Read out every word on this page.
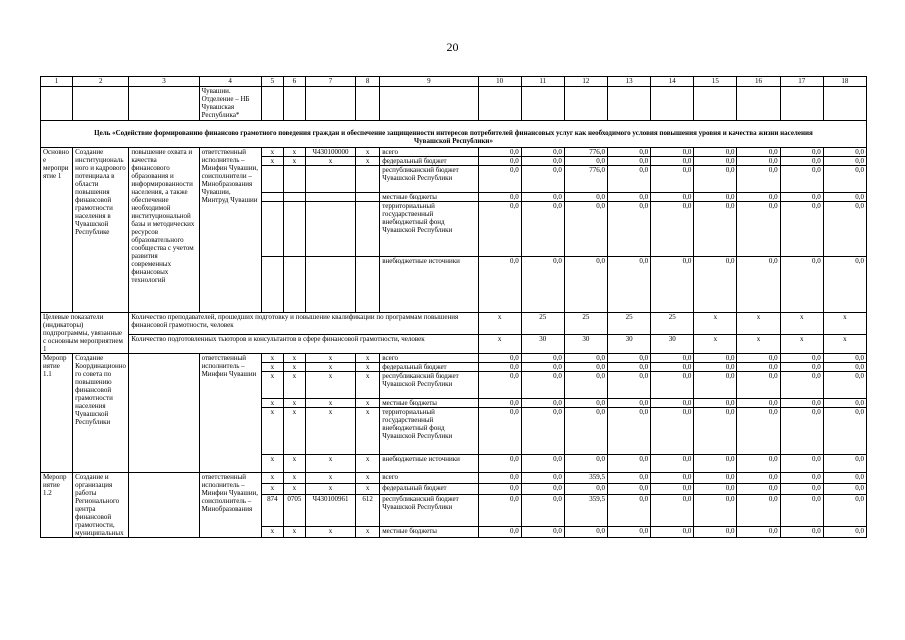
20
1	2	3	4	5	6	7	8	9	10	11	12	13	14	15	16	17	18
			Чувашии. Отделение – НБ Чувашская Республика*														
Цель «Содействие формированию финансово грамотного поведения граждан и обеспечение защищенности интересов потребителей финансовых услуг как необходимого условия повышения уровня и качества жизни населения Чувашской Республики»																	
Основное мероприятие 1	Создание институционального и кадрового потенциала в области повышения финансовой грамотности населения в Чувашской Республике	повышение охвата и качества финансового образования и информированности населения, а также обеспечение необходимой институциональной базы и методических ресурсов образовательного сообщества с учетом развития современных финансовых технологий	ответственный исполнитель – Минфин Чувашии, соисполнители – Минобразования Чувашии, Минтруд Чувашии	х	х	Ч430100000	х	всего	0,0	0,0	776,0	0,0	0,0	0,0	0,0	0,0	0,0
				х	х	х	х	федеральный бюджет	0,0	0,0	0,0	0,0	0,0	0,0	0,0	0,0	0,0
								республиканский бюджет Чувашской Республики	0,0	0,0	776,0	0,0	0,0	0,0	0,0	0,0	0,0
								местные бюджеты	0,0	0,0	0,0	0,0	0,0	0,0	0,0	0,0	0,0
								территориальный государственный внебюджетный фонд Чувашской Республики	0,0	0,0	0,0	0,0	0,0	0,0	0,0	0,0	0,0
								внебюджетные источники	0,0	0,0	0,0	0,0	0,0	0,0	0,0	0,0	0,0
Целевые показатели (индикаторы) подпрограммы, увязанные с основным мероприятием 1		Количество преподавателей, прошедших подготовку и повышение квалификации по программам повышения финансовой грамотности, человек							х	25	25	25	25	х	х	х	х
		Количество подготовленных тьюторов и консультантов в сфере финансовой грамотности, человек							х	30	30	30	30	х	х	х	х
Мероприятие 1.1	Создание Координационного совета по повышению финансовой грамотности населения Чувашской Республики		ответственный исполнитель – Минфин Чувашии	х	х	х	х	всего	0,0	0,0	0,0	0,0	0,0	0,0	0,0	0,0	0,0
				х	х	х	х	федеральный бюджет	0,0	0,0	0,0	0,0	0,0	0,0	0,0	0,0	0,0
				х	х	х	х	республиканский бюджет Чувашской Республики	0,0	0,0	0,0	0,0	0,0	0,0	0,0	0,0	0,0
				х	х	х	х	местные бюджеты	0,0	0,0	0,0	0,0	0,0	0,0	0,0	0,0	0,0
				х	х	х	х	территориальный государственный внебюджетный фонд Чувашской Республики	0,0	0,0	0,0	0,0	0,0	0,0	0,0	0,0	0,0
				х	х	х	х	внебюджетные источники	0,0	0,0	0,0	0,0	0,0	0,0	0,0	0,0	0,0
Мероприятие 1.2	Создание и организация работы Регионального центра финансовой грамотности, муниципальных		ответственный исполнитель – Минфин Чувашии, соисполнитель – Минобразования	х	х	х	х	всего	0,0	0,0	359,5	0,0	0,0	0,0	0,0	0,0	0,0
				х	х	х	х	федеральный бюджет	0,0	0,0	0,0	0,0	0,0	0,0	0,0	0,0	0,0
				874	0705	Ч430100961	612	республиканский бюджет Чувашской Республики	0,0	0,0	359,5	0,0	0,0	0,0	0,0	0,0	0,0
				х	х	х	х	местные бюджеты	0,0	0,0	0,0	0,0	0,0	0,0	0,0	0,0	0,0
